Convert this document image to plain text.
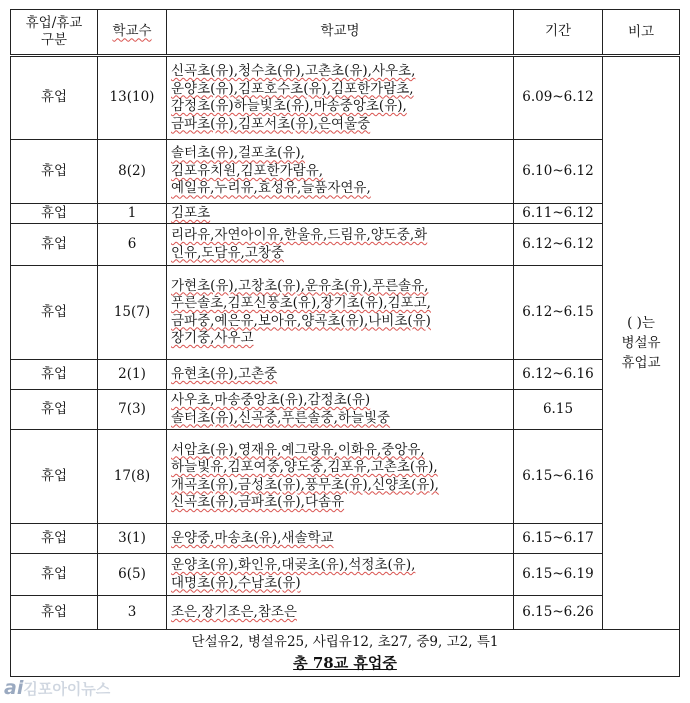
휴업/휴교
구분	학교수	학교명	기간	비고
휴업	13(10)	신곡초(유),청수초(유),고촌초(유),사우초,
운양초(유),김포호수초(유),김포한가람초,
감정초(유)하늘빛초(유),마송중앙초(유),
금파초(유),김포서초(유),은여울중	6.09~6.12	( )는
병설유
휴업교
휴업	8(2)	솔터초(유),걸포초(유),
김포유치원,김포한가람유,
예일유,누리유,효성유,늘품자연유,	6.10~6.12	
휴업	1	김포초	6.11~6.12	
휴업	6	리라유,자연아이유,한울유,드림유,양도중,화
인유,도담유,고창중	6.12~6.12	
휴업	15(7)	가현초(유),고창초(유),운유초(유),푸른솔유,
푸른솔초,김포신풍초(유),장기초(유),김포고,
금파중,예은유,보아유,양곡초(유),나비초(유)
장기중,사우고	6.12~6.15	
휴업	2(1)	유현초(유),고촌중	6.12~6.16	
휴업	7(3)	사우초,마송중앙초(유),감정초(유)
솔터초(유),신곡중,푸른솔중,하늘빛중	6.15	
휴업	17(8)	서암초(유),영재유,예그랑유,이화유,중앙유,
하늘빛유,김포여중,양도중,김포유,고촌초(유),
개곡초(유),금성초(유),풍무초(유),신양초(유),
신곡초(유),금파초(유),다솜유	6.15~6.16	
휴업	3(1)	운양중,마송초(유),새솔학교	6.15~6.17	
휴업	6(5)	운양초(유),화인유,대곶초(유),석정초(유),
대명초(유),수남초(유)	6.15~6.19	
휴업	3	조은,장기조은,참조은	6.15~6.26	

단설유2, 병설유25, 사립유12, 초27, 중9, 고2, 특1
총 78교 휴업중				
ai김포아이뉴스
